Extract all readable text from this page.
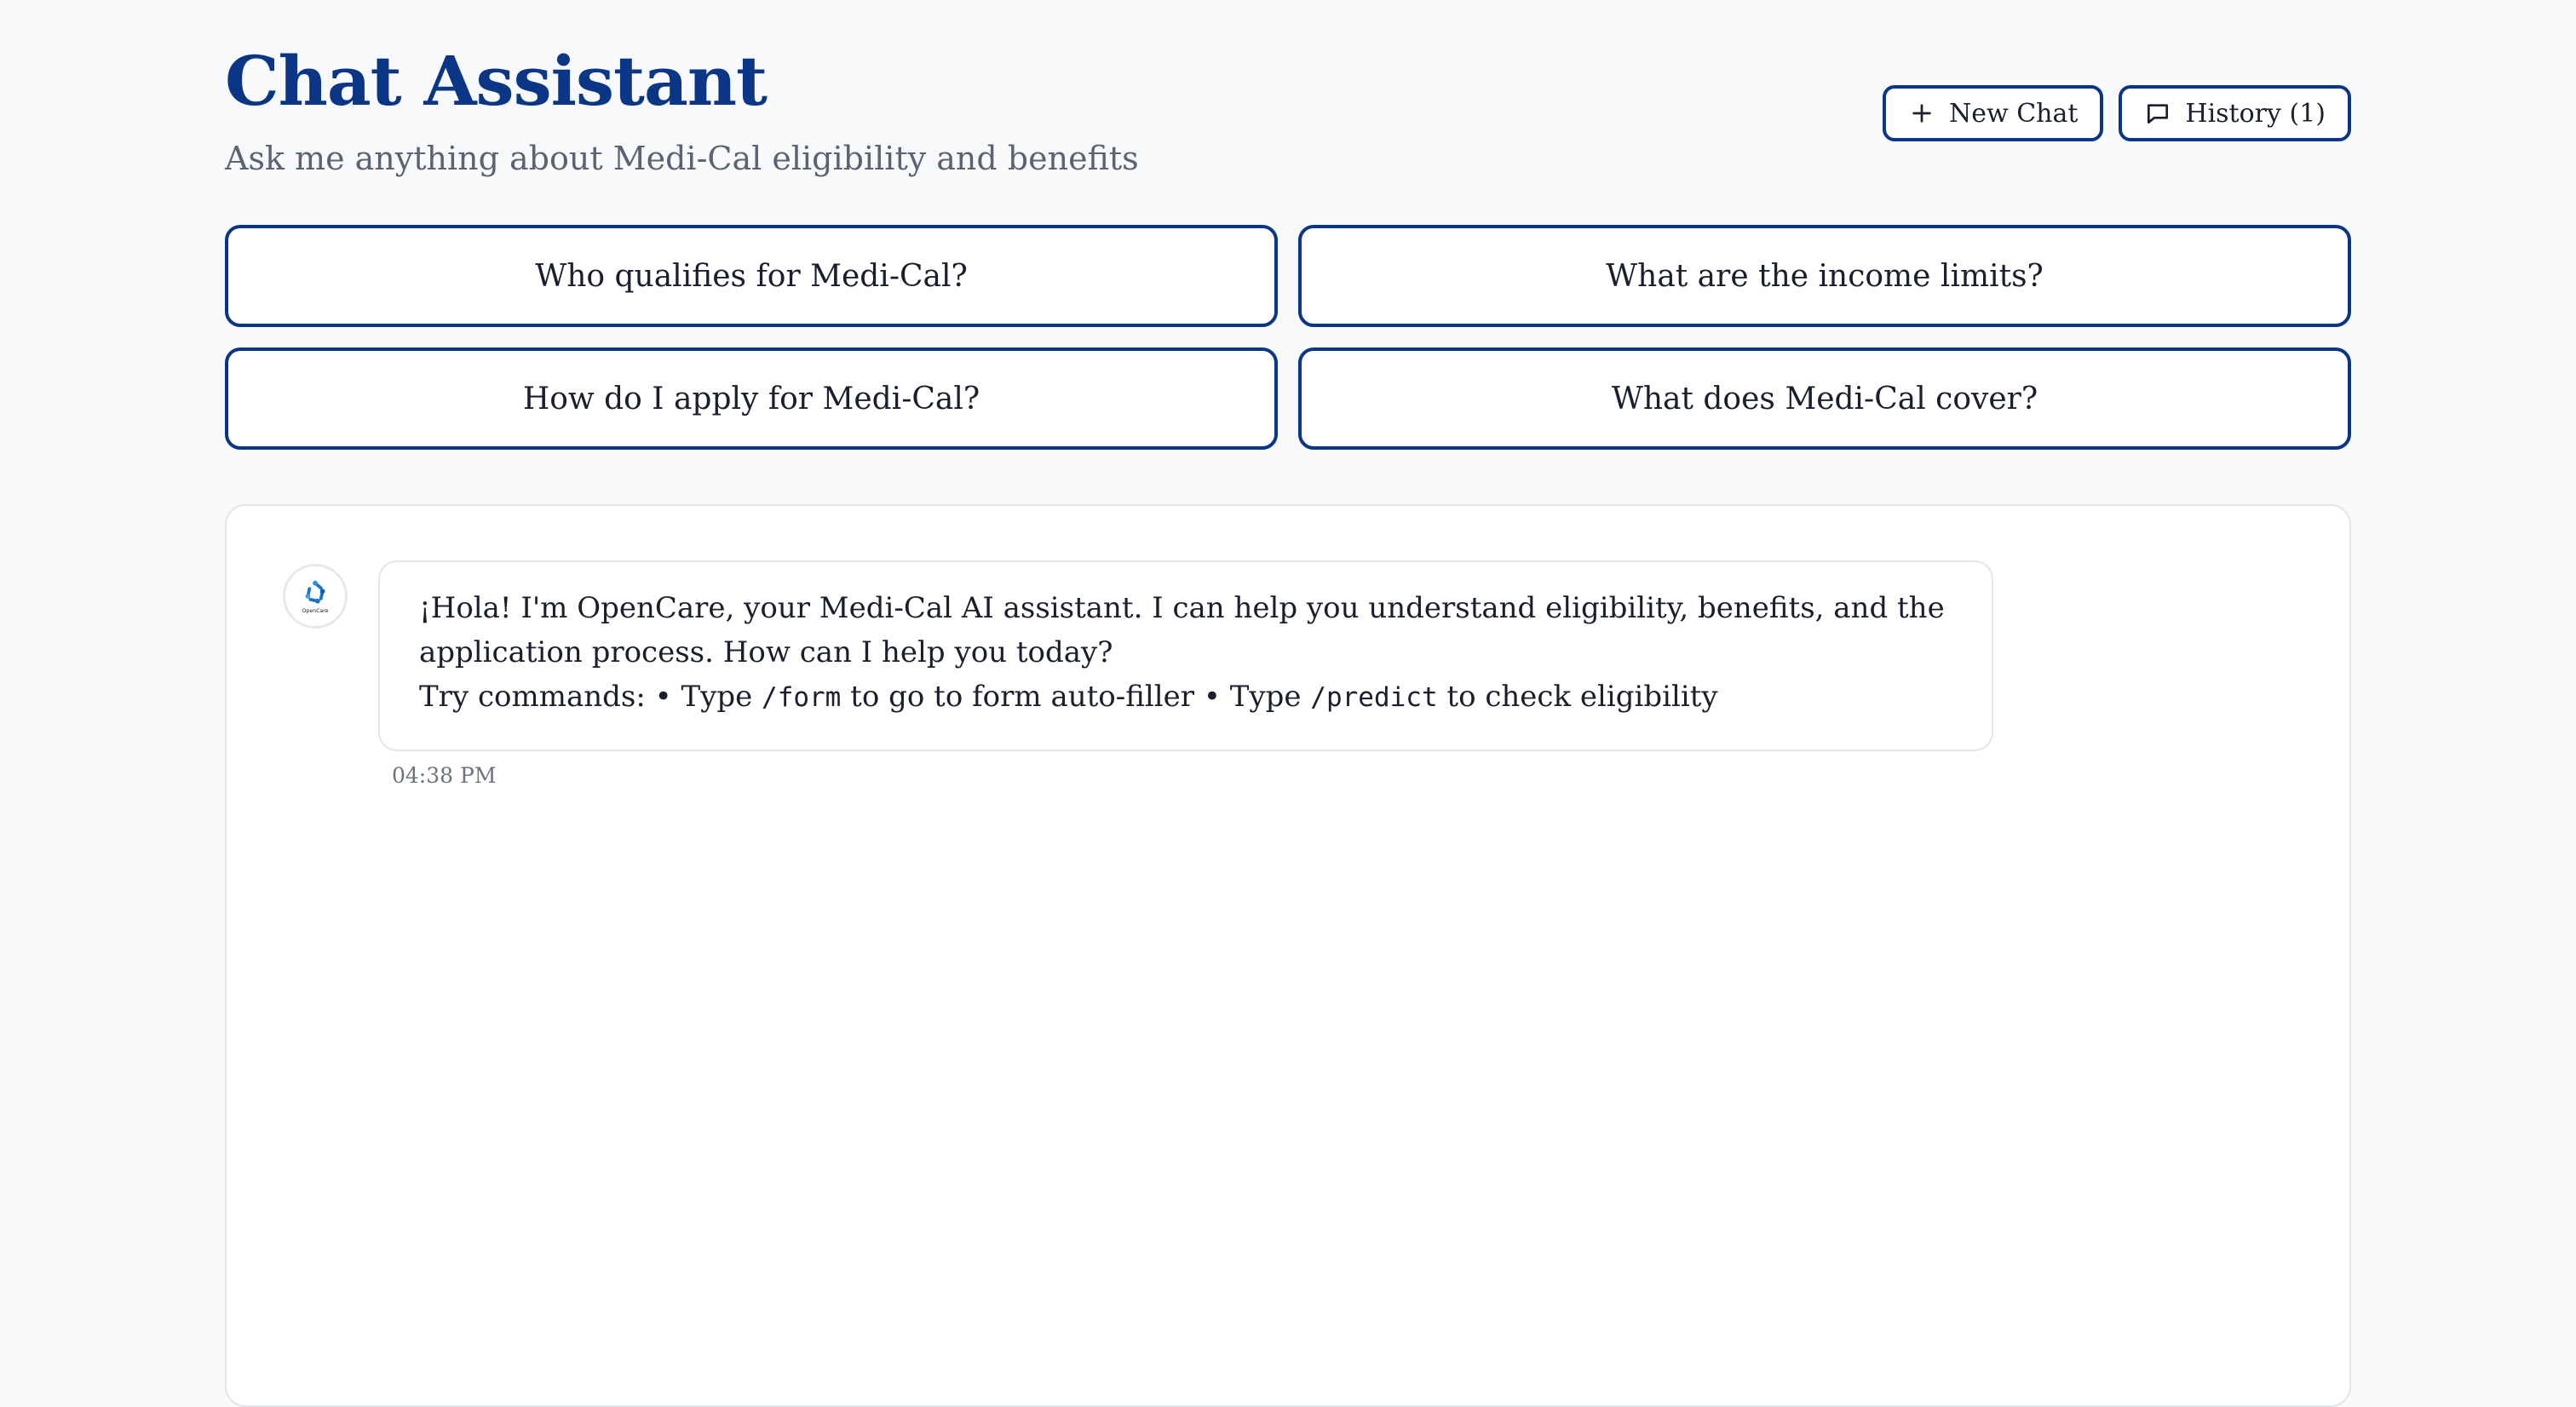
Chat Assistant
Ask me anything about Medi-Cal eligibility and benefits
New Chat	History (1)
Who qualifies for Medi-Cal?	What are the income limits?
How do I apply for Medi-Cal?	What does Medi-Cal cover?
OpenCare	¡Hola! I'm OpenCare, your Medi-Cal AI assistant. I can help you understand eligibility, benefits, and the application process. How can I help you today?
Try commands: • Type /form to go to form auto-filler • Type /predict to check eligibility
04:38 PM
